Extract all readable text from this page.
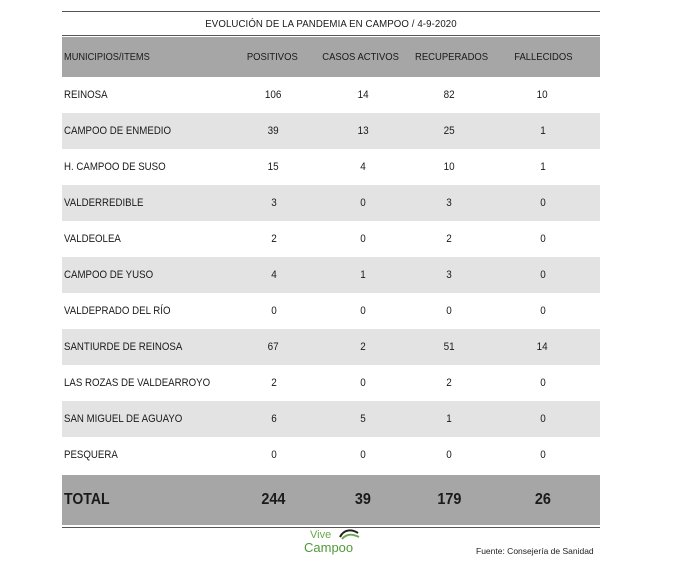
EVOLUCIÓN DE LA PANDEMIA EN CAMPOO / 4-9-2020
MUNICIPIOS/ITEMS	POSITIVOS	CASOS ACTIVOS	RECUPERADOS	FALLECIDOS
REINOSA	106	14	82	10
CAMPOO DE ENMEDIO	39	13	25	1
H. CAMPOO DE SUSO	15	4	10	1
VALDERREDIBLE	3	0	3	0
VALDEOLEA	2	0	2	0
CAMPOO DE YUSO	4	1	3	0
VALDEPRADO DEL RÍO	0	0	0	0
SANTIURDE DE REINOSA	67	2	51	14
LAS ROZAS DE VALDEARROYO	2	0	2	0
SAN MIGUEL DE AGUAYO	6	5	1	0
PESQUERA	0	0	0	0
TOTAL	244	39	179	26
Vive
Campoo	Fuente: Consejería de Sanidad
